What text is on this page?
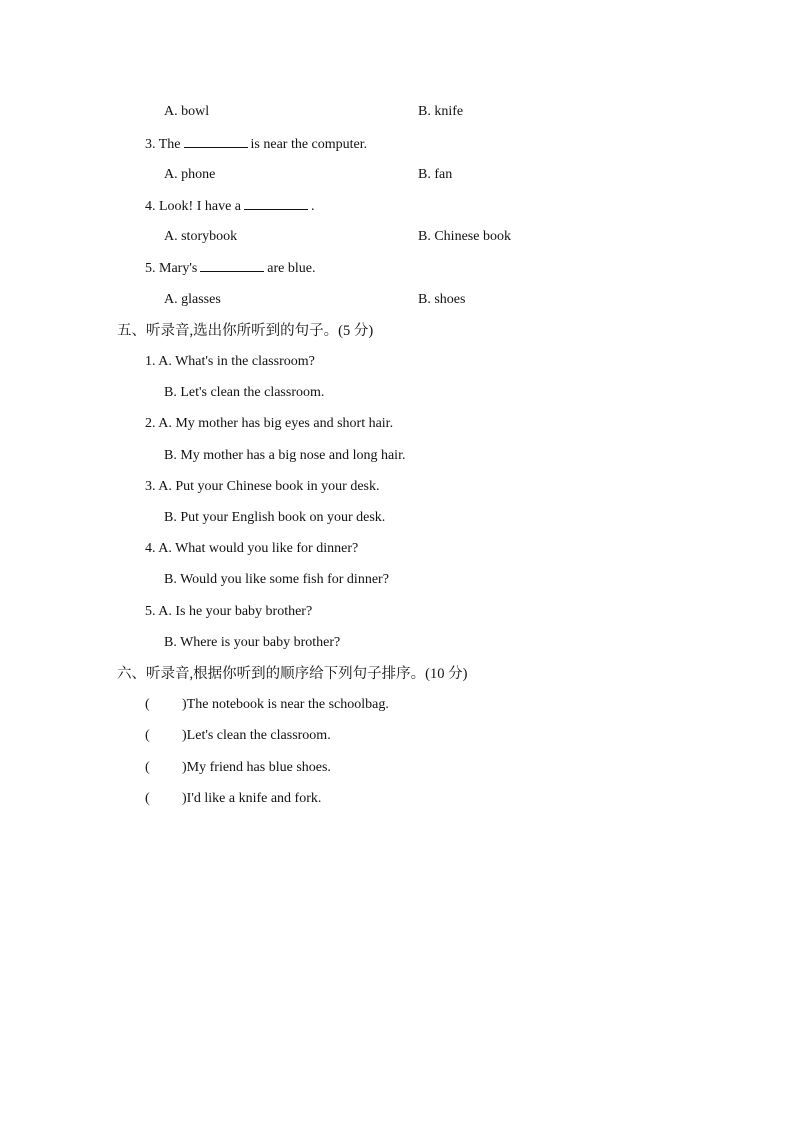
A. bowl	B. knife
3. The	is near the computer.
A. phone	B. fan
4. Look! I have a	.
A. storybook	B. Chinese book
5. Mary's	are blue.
A. glasses	B. shoes
五、听录音,选出你所听到的句子。(5 分)
1. A. What's in the classroom?
B. Let's clean the classroom.
2. A. My mother has big eyes and short hair.
B. My mother has a big nose and long hair.
3. A. Put your Chinese book in your desk.
B. Put your English book on your desk.
4. A. What would you like for dinner?
B. Would you like some fish for dinner?
5. A. Is he your baby brother?
B. Where is your baby brother?
六、听录音,根据你听到的顺序给下列句子排序。(10 分)
( )The notebook is near the schoolbag.
( )Let's clean the classroom.
( )My friend has blue shoes.
( )I'd like a knife and fork.
